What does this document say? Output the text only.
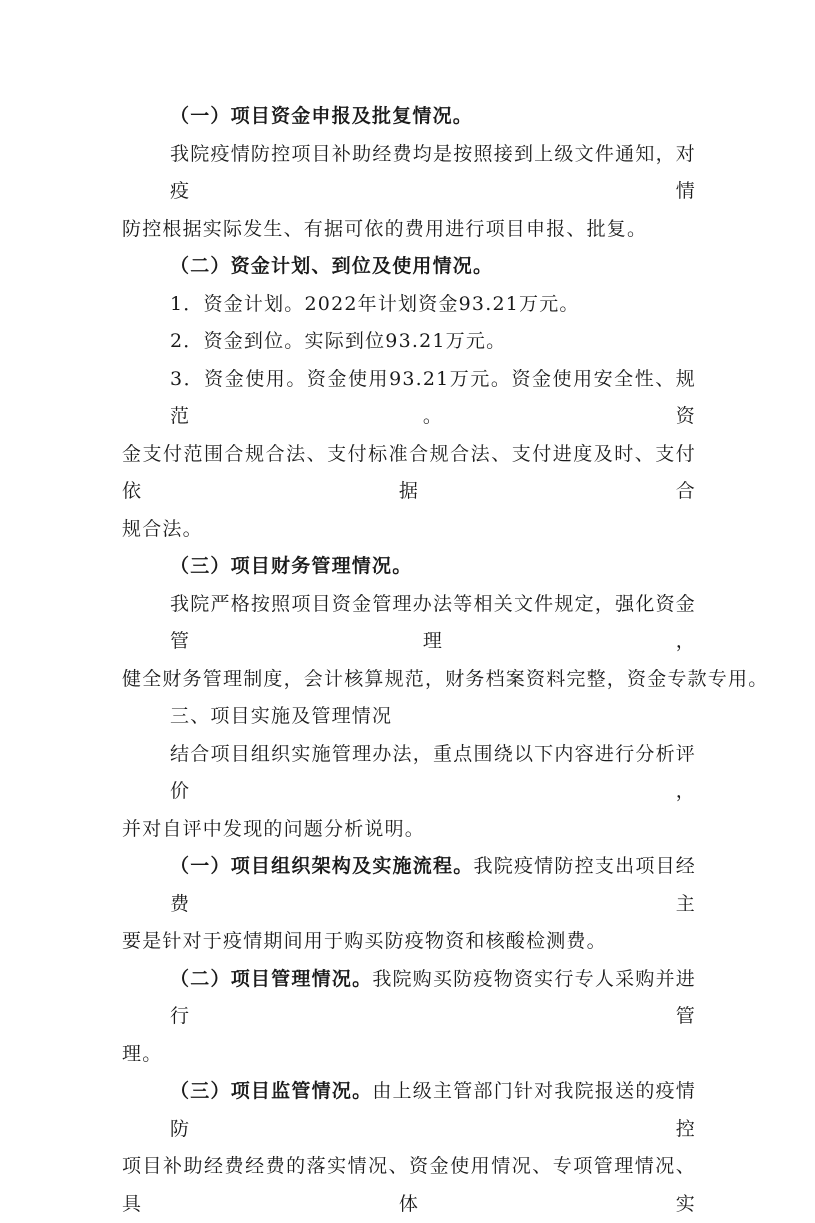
（一）项目资金申报及批复情况。
我院疫情防控项目补助经费均是按照接到上级文件通知，对疫情
防控根据实际发生、有据可依的费用进行项目申报、批复。
（二）资金计划、到位及使用情况。
1．资金计划。2022年计划资金93.21万元。
2．资金到位。实际到位93.21万元。
3．资金使用。资金使用93.21万元。资金使用安全性、规范。资
金支付范围合规合法、支付标准合规合法、支付进度及时、支付依据合
规合法。
（三）项目财务管理情况。
我院严格按照项目资金管理办法等相关文件规定，强化资金管理，
健全财务管理制度，会计核算规范，财务档案资料完整，资金专款专用。
三、项目实施及管理情况
结合项目组织实施管理办法，重点围绕以下内容进行分析评价，
并对自评中发现的问题分析说明。
（一）项目组织架构及实施流程。我院疫情防控支出项目经费主
要是针对于疫情期间用于购买防疫物资和核酸检测费。
（二）项目管理情况。我院购买防疫物资实行专人采购并进行管
理。
（三）项目监管情况。由上级主管部门针对我院报送的疫情防控
项目补助经费经费的落实情况、资金使用情况、专项管理情况、具体实
